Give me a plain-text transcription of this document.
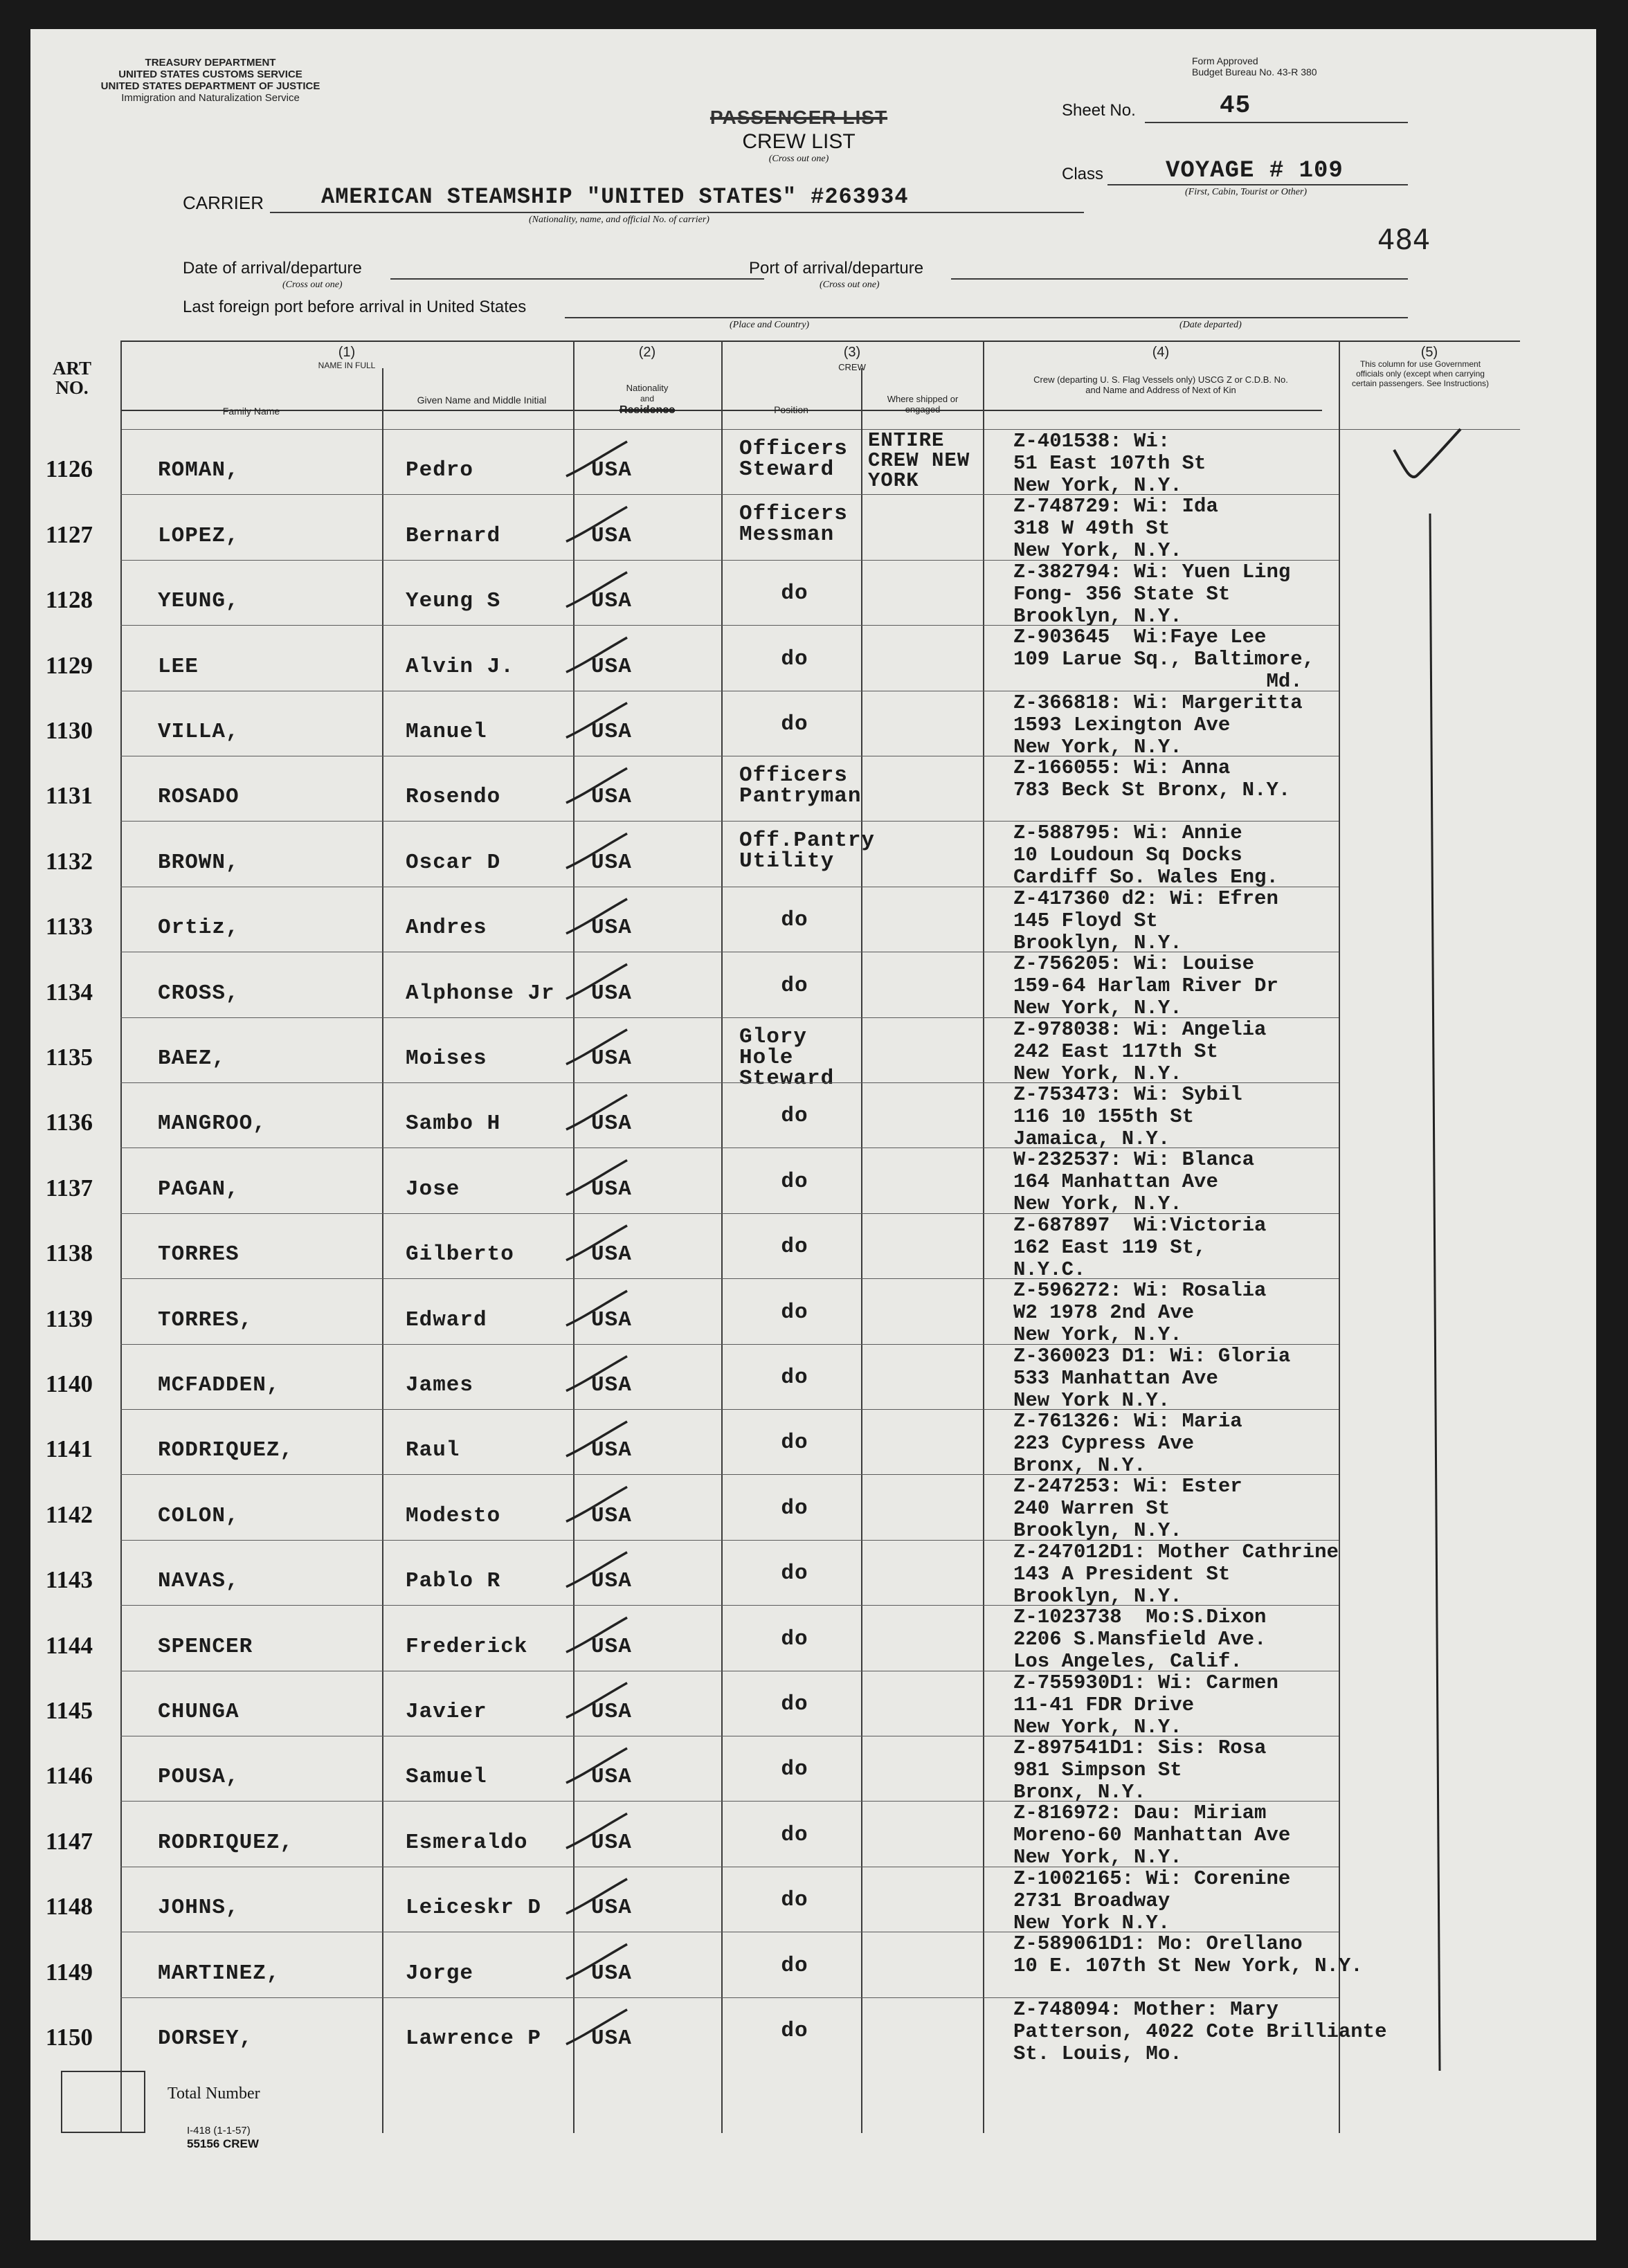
TREASURY DEPARTMENT
UNITED STATES CUSTOMS SERVICE
UNITED STATES DEPARTMENT OF JUSTICE
Immigration and Naturalization Service
Form Approved
Budget Bureau No. 43-R 380
PASSENGER LIST
CREW LIST
(Cross out one)
Sheet No.	45
Class	VOYAGE # 109
(First, Cabin, Tourist or Other)
484
CARRIER	AMERICAN STEAMSHIP "UNITED STATES" #263934
(Nationality, name, and official No. of carrier)
Date of arrival/departure
(Cross out one)
Port of arrival/departure
(Cross out one)
Last foreign port before arrival in United States
(Place and Country)	(Date departed)
ART NO.
(1)
NAME IN FULL
Family Name
Given Name and Middle Initial
(2)
Nationality
and
Residence
(3)
CREW
Position
Where shipped or engaged
(4)
Crew (departing U. S. Flag Vessels only) USCG Z or C.D.B. No. and Name and Address of Next of Kin
(5)
This column for use Government officials only (except when carrying certain passengers. See Instructions)
ENTIRE CREW NEW YORK
1126	ROMAN,	Pedro	USA
Officers Steward
Z-401538: Wi:
51 East 107th St
New York, N.Y.
1127	LOPEZ,	Bernard	USA
Officers Messman
Z-748729: Wi: Ida
318 W 49th St
New York, N.Y.
1128	YEUNG,	Yeung S	USA	do
Z-382794: Wi: Yuen Ling
Fong- 356 State St
Brooklyn, N.Y.
1129	LEE	Alvin J.	USA	do
Z-903645  Wi:Faye Lee
109 Larue Sq., Baltimore,
Md.
1130	VILLA,	Manuel	USA	do
Z-366818: Wi: Margeritta
1593 Lexington Ave
New York, N.Y.
1131	ROSADO	Rosendo	USA
Officers Pantryman
Z-166055: Wi: Anna
783 Beck St Bronx, N.Y.
1132	BROWN,	Oscar D	USA
Off.Pantry Utility
Z-588795: Wi: Annie
10 Loudoun Sq Docks
Cardiff So. Wales Eng.
1133	Ortiz,	Andres	USA	do
Z-417360 d2: Wi: Efren
145 Floyd St
Brooklyn, N.Y.
1134	CROSS,	Alphonse Jr USA	do
Z-756205: Wi: Louise
159-64 Harlam River Dr
New York, N.Y.
1135	BAEZ,	Moises	USA
Glory Hole Steward
Z-978038: Wi: Angelia
242 East 117th St
New York, N.Y.
1136	MANGROO,	Sambo H	USA	do
Z-753473: Wi: Sybil
116 10 155th St
Jamaica, N.Y.
1137	PAGAN,	Jose	USA	do
W-232537: Wi: Blanca
164 Manhattan Ave
New York, N.Y.
1138	TORRES	Gilberto	USA	do
Z-687897  Wi:Victoria
162 East 119 St,
N.Y.C.
1139	TORRES,	Edward	USA	do
Z-596272: Wi: Rosalia
W2 1978 2nd Ave
New York, N.Y.
1140	MCFADDEN,	James	USA	do
Z-360023 D1: Wi: Gloria
533 Manhattan Ave
New York N.Y.
1141	RODRIQUEZ,	Raul	USA	do
Z-761326: Wi: Maria
223 Cypress Ave
Bronx, N.Y.
1142	COLON,	Modesto	USA	do
Z-247253: Wi: Ester
240 Warren St
Brooklyn, N.Y.
1143	NAVAS,	Pablo R	USA	do
Z-247012D1: Mother Cathrine
143 A President St
Brooklyn, N.Y.
1144	SPENCER	Frederick	USA	do
Z-1023738  Mo:S.Dixon
2206 S.Mansfield Ave.
Los Angeles, Calif.
1145	CHUNGA	Javier	USA	do
Z-755930D1: Wi: Carmen
11-41 FDR Drive
New York, N.Y.
1146	POUSA,	Samuel	USA	do
Z-897541D1: Sis: Rosa
981 Simpson St
Bronx, N.Y.
1147	RODRIQUEZ,	Esmeraldo	USA	do
Z-816972: Dau: Miriam
Moreno-60 Manhattan Ave
New York, N.Y.
1148	JOHNS,	Leiceskr D USA	do
Z-1002165: Wi: Corenine
2731 Broadway
New York N.Y.
1149	MARTINEZ,	Jorge	USA	do
Z-589061D1: Mo: Orellano
10 E. 107th St New York, N.Y.
1150	DORSEY,	Lawrence P USA	do
Z-748094: Mother: Mary
Patterson, 4022 Cote Brilliante
St. Louis, Mo.
Total Number
I-418 (1-1-57)
55156 CREW
